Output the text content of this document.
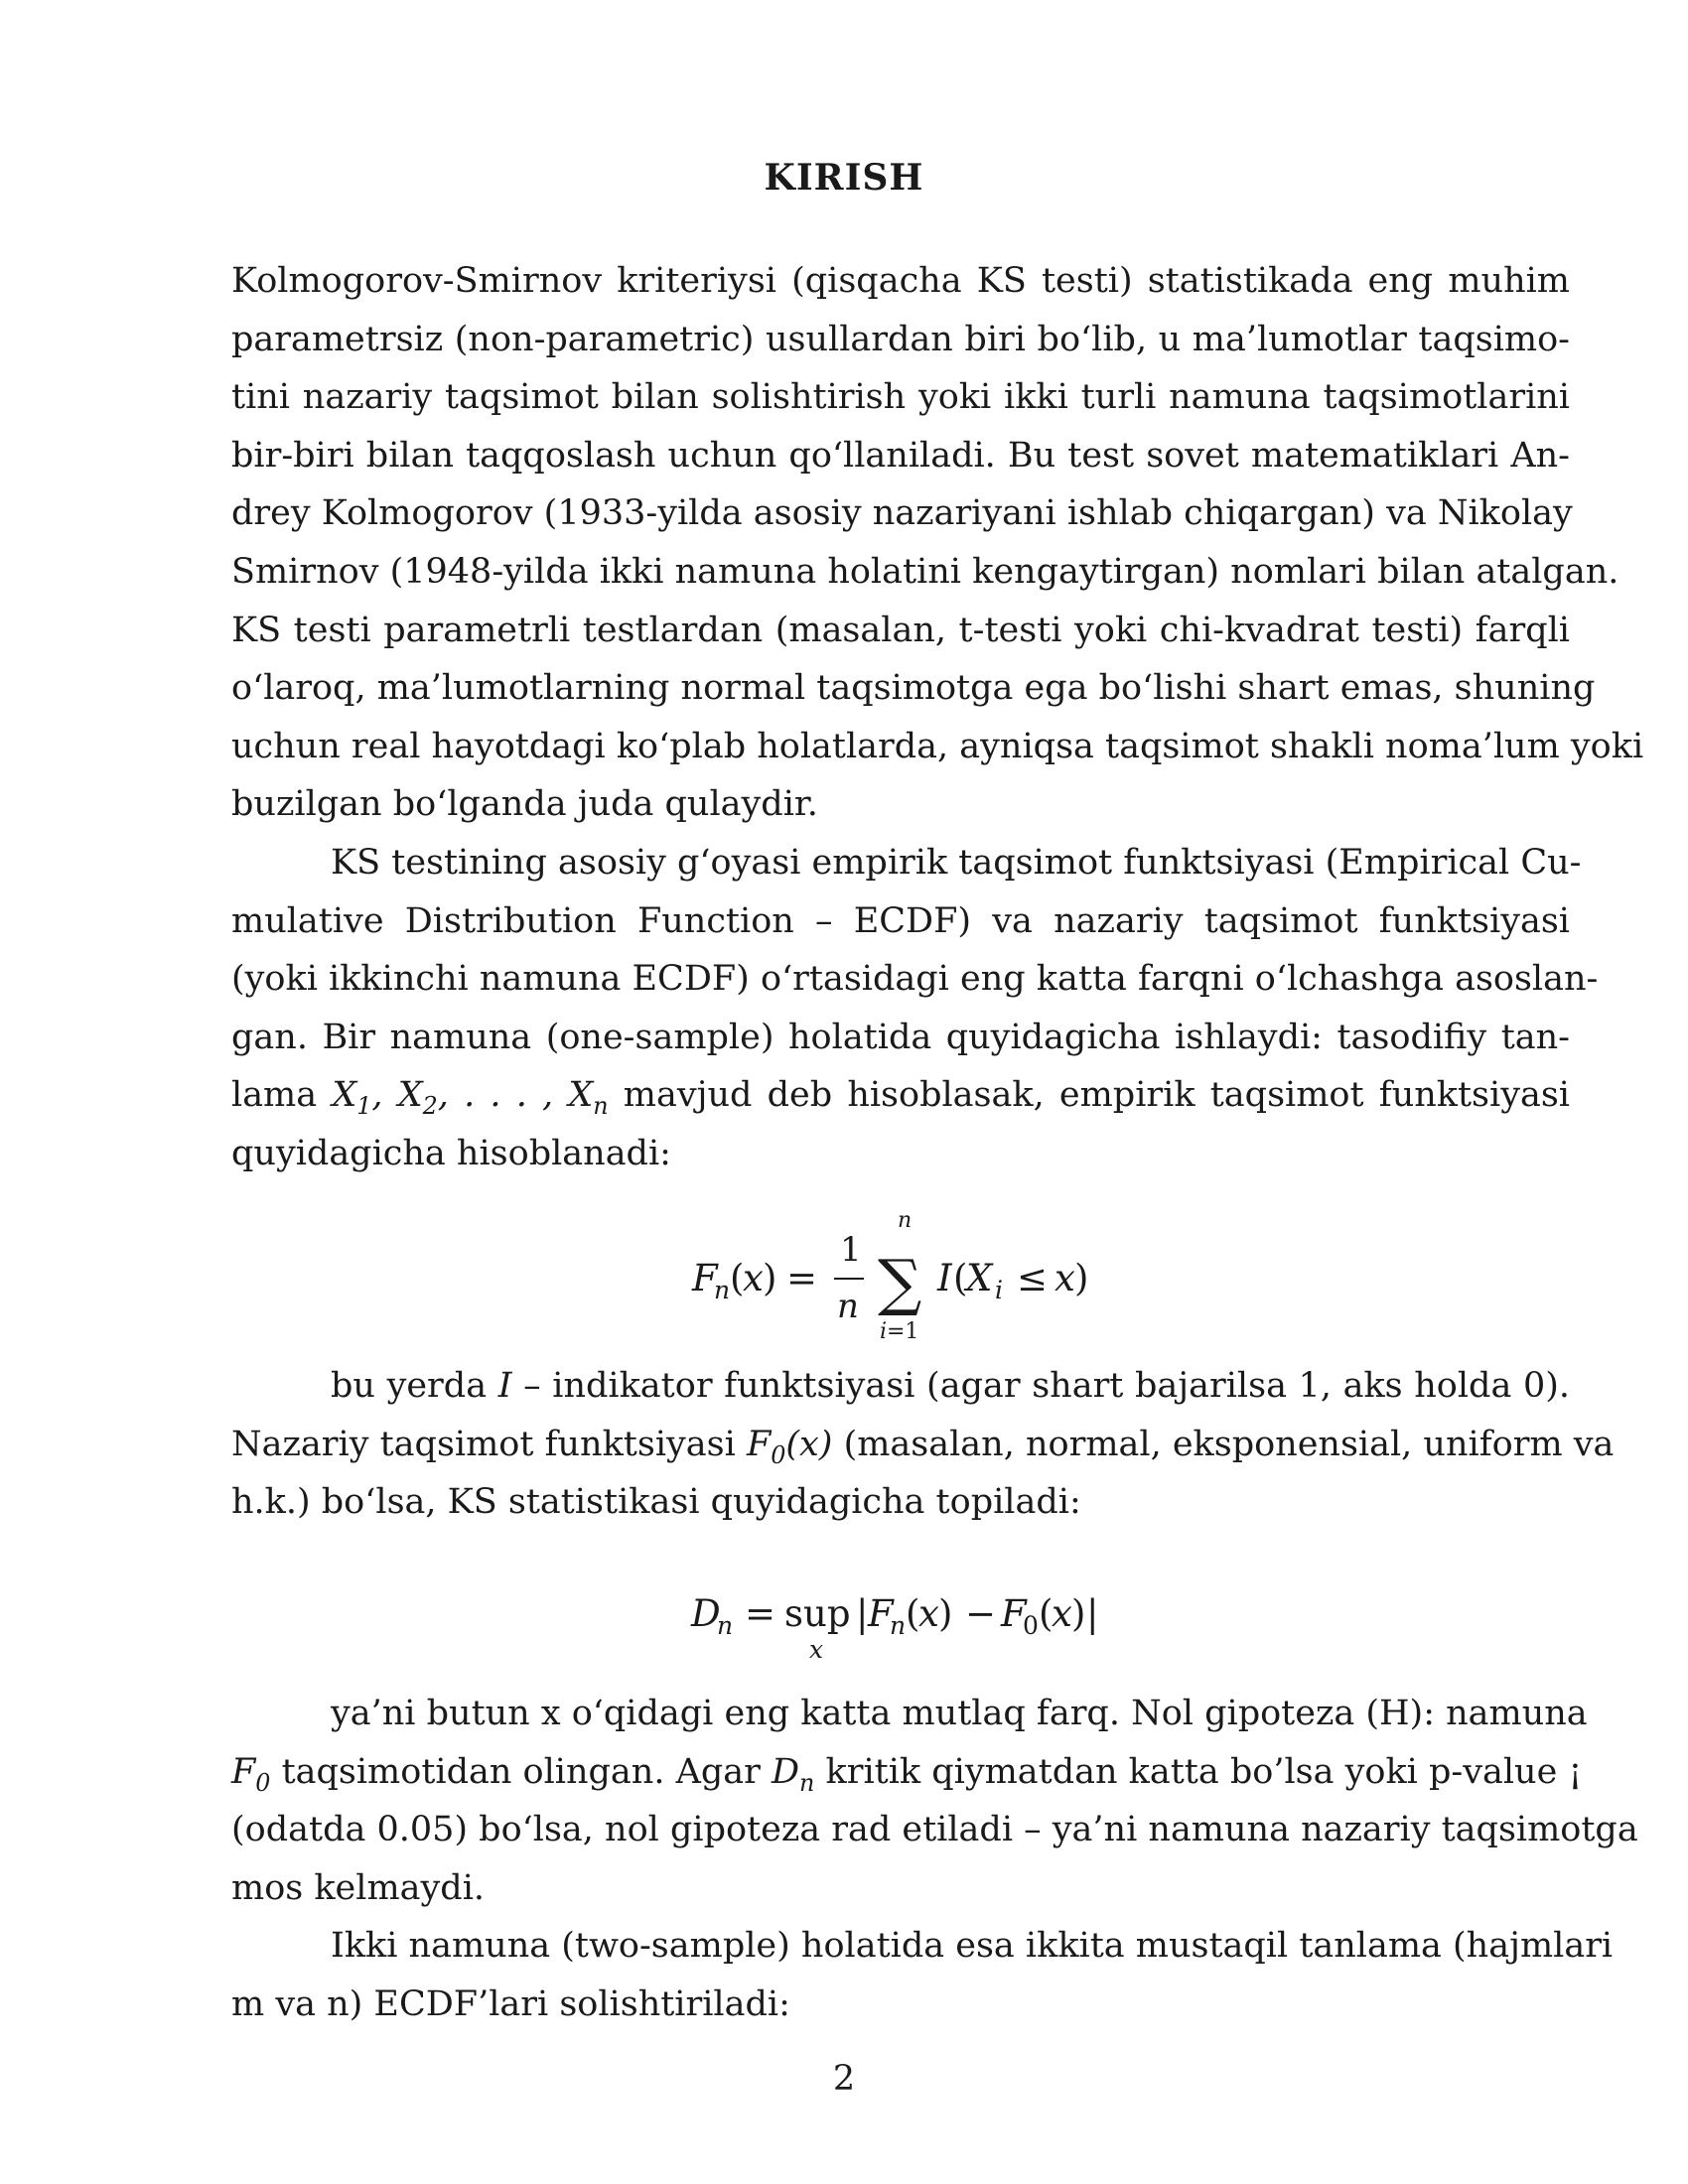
KIRISH
Kolmogorov-Smirnov kriteriysi (qisqacha KS testi) statistikada eng muhim
parametrsiz (non-parametric) usullardan biri bo‘lib, u ma’lumotlar taqsimo-
tini nazariy taqsimot bilan solishtirish yoki ikki turli namuna taqsimotlarini
bir-biri bilan taqqoslash uchun qo‘llaniladi. Bu test sovet matematiklari An-
drey Kolmogorov (1933-yilda asosiy nazariyani ishlab chiqargan) va Nikolay
Smirnov (1948-yilda ikki namuna holatini kengaytirgan) nomlari bilan atalgan.
KS testi parametrli testlardan (masalan, t-testi yoki chi-kvadrat testi) farqli
o‘laroq, ma’lumotlarning normal taqsimotga ega bo‘lishi shart emas, shuning
uchun real hayotdagi ko‘plab holatlarda, ayniqsa taqsimot shakli noma’lum yoki
buzilgan bo‘lganda juda qulaydir.
KS testining asosiy g‘oyasi empirik taqsimot funktsiyasi (Empirical Cu-
mulative Distribution Function – ECDF) va nazariy taqsimot funktsiyasi
(yoki ikkinchi namuna ECDF) o‘rtasidagi eng katta farqni o‘lchashga asoslan-
gan. Bir namuna (one-sample) holatida quyidagicha ishlaydi: tasodifiy tan-
lama $X_1$, $X_2$, . . . , $X_n$ mavjud deb hisoblasak, empirik taqsimot funktsiyasi
quyidagicha hisoblanadi:
F
n (
x ) =
1
n
n
∑
i =1
I (
X i ≤ x )
bu yerda I – indikator funktsiyasi (agar shart bajarilsa 1, aks holda 0).
Nazariy taqsimot funktsiyasi $F_0(x)$ (masalan, normal, eksponensial, uniform va
h.k.) bo‘lsa, KS statistikasi quyidagicha topiladi:
D
n = sup
x
| F
n (
x ) − F
0 (
x ) |
ya’ni butun x o‘qidagi eng katta mutlaq farq. Nol gipoteza (H): namuna
$F_0$ taqsimotidan olingan. Agar $D_n$ kritik qiymatdan katta bo’lsa yoki p-value ¡
(odatda 0.05) bo‘lsa, nol gipoteza rad etiladi – ya’ni namuna nazariy taqsimotga
mos kelmaydi.
Ikki namuna (two-sample) holatida esa ikkita mustaqil tanlama (hajmlari
m va n) ECDF’lari solishtiriladi:
2
